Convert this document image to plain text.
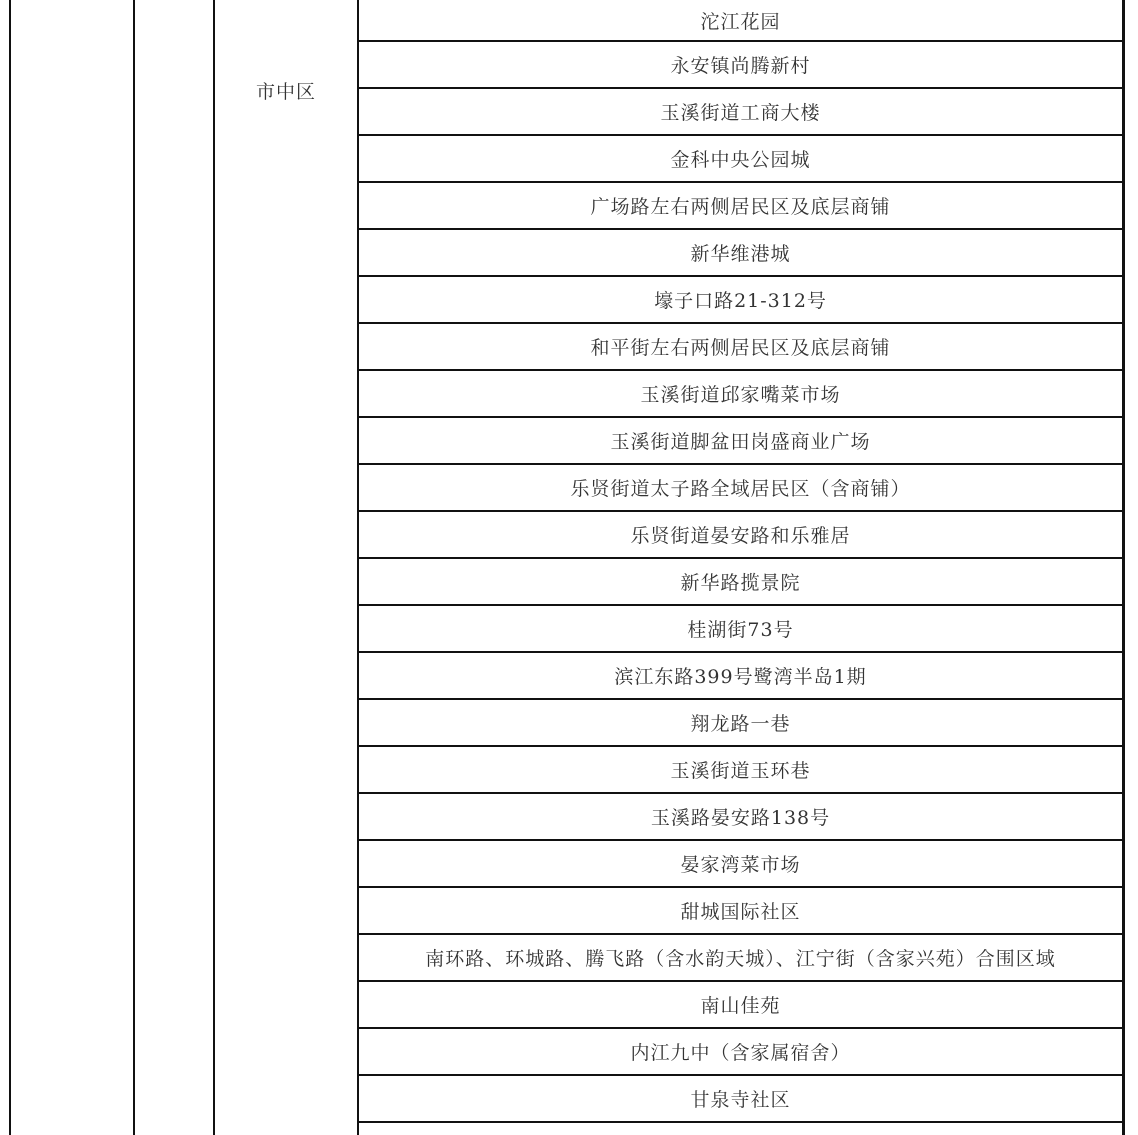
市中区
沱江花园
永安镇尚腾新村
玉溪街道工商大楼
金科中央公园城
广场路左右两侧居民区及底层商铺
新华维港城
壕子口路21-312号
和平街左右两侧居民区及底层商铺
玉溪街道邱家嘴菜市场
玉溪街道脚盆田岗盛商业广场
乐贤街道太子路全域居民区（含商铺）
乐贤街道晏安路和乐雅居
新华路揽景院
桂湖街73号
滨江东路399号鹭湾半岛1期
翔龙路一巷
玉溪街道玉环巷
玉溪路晏安路138号
晏家湾菜市场
甜城国际社区
南环路、环城路、腾飞路（含水韵天城）、江宁街（含家兴苑）合围区域
南山佳苑
内江九中（含家属宿舍）
甘泉寺社区
